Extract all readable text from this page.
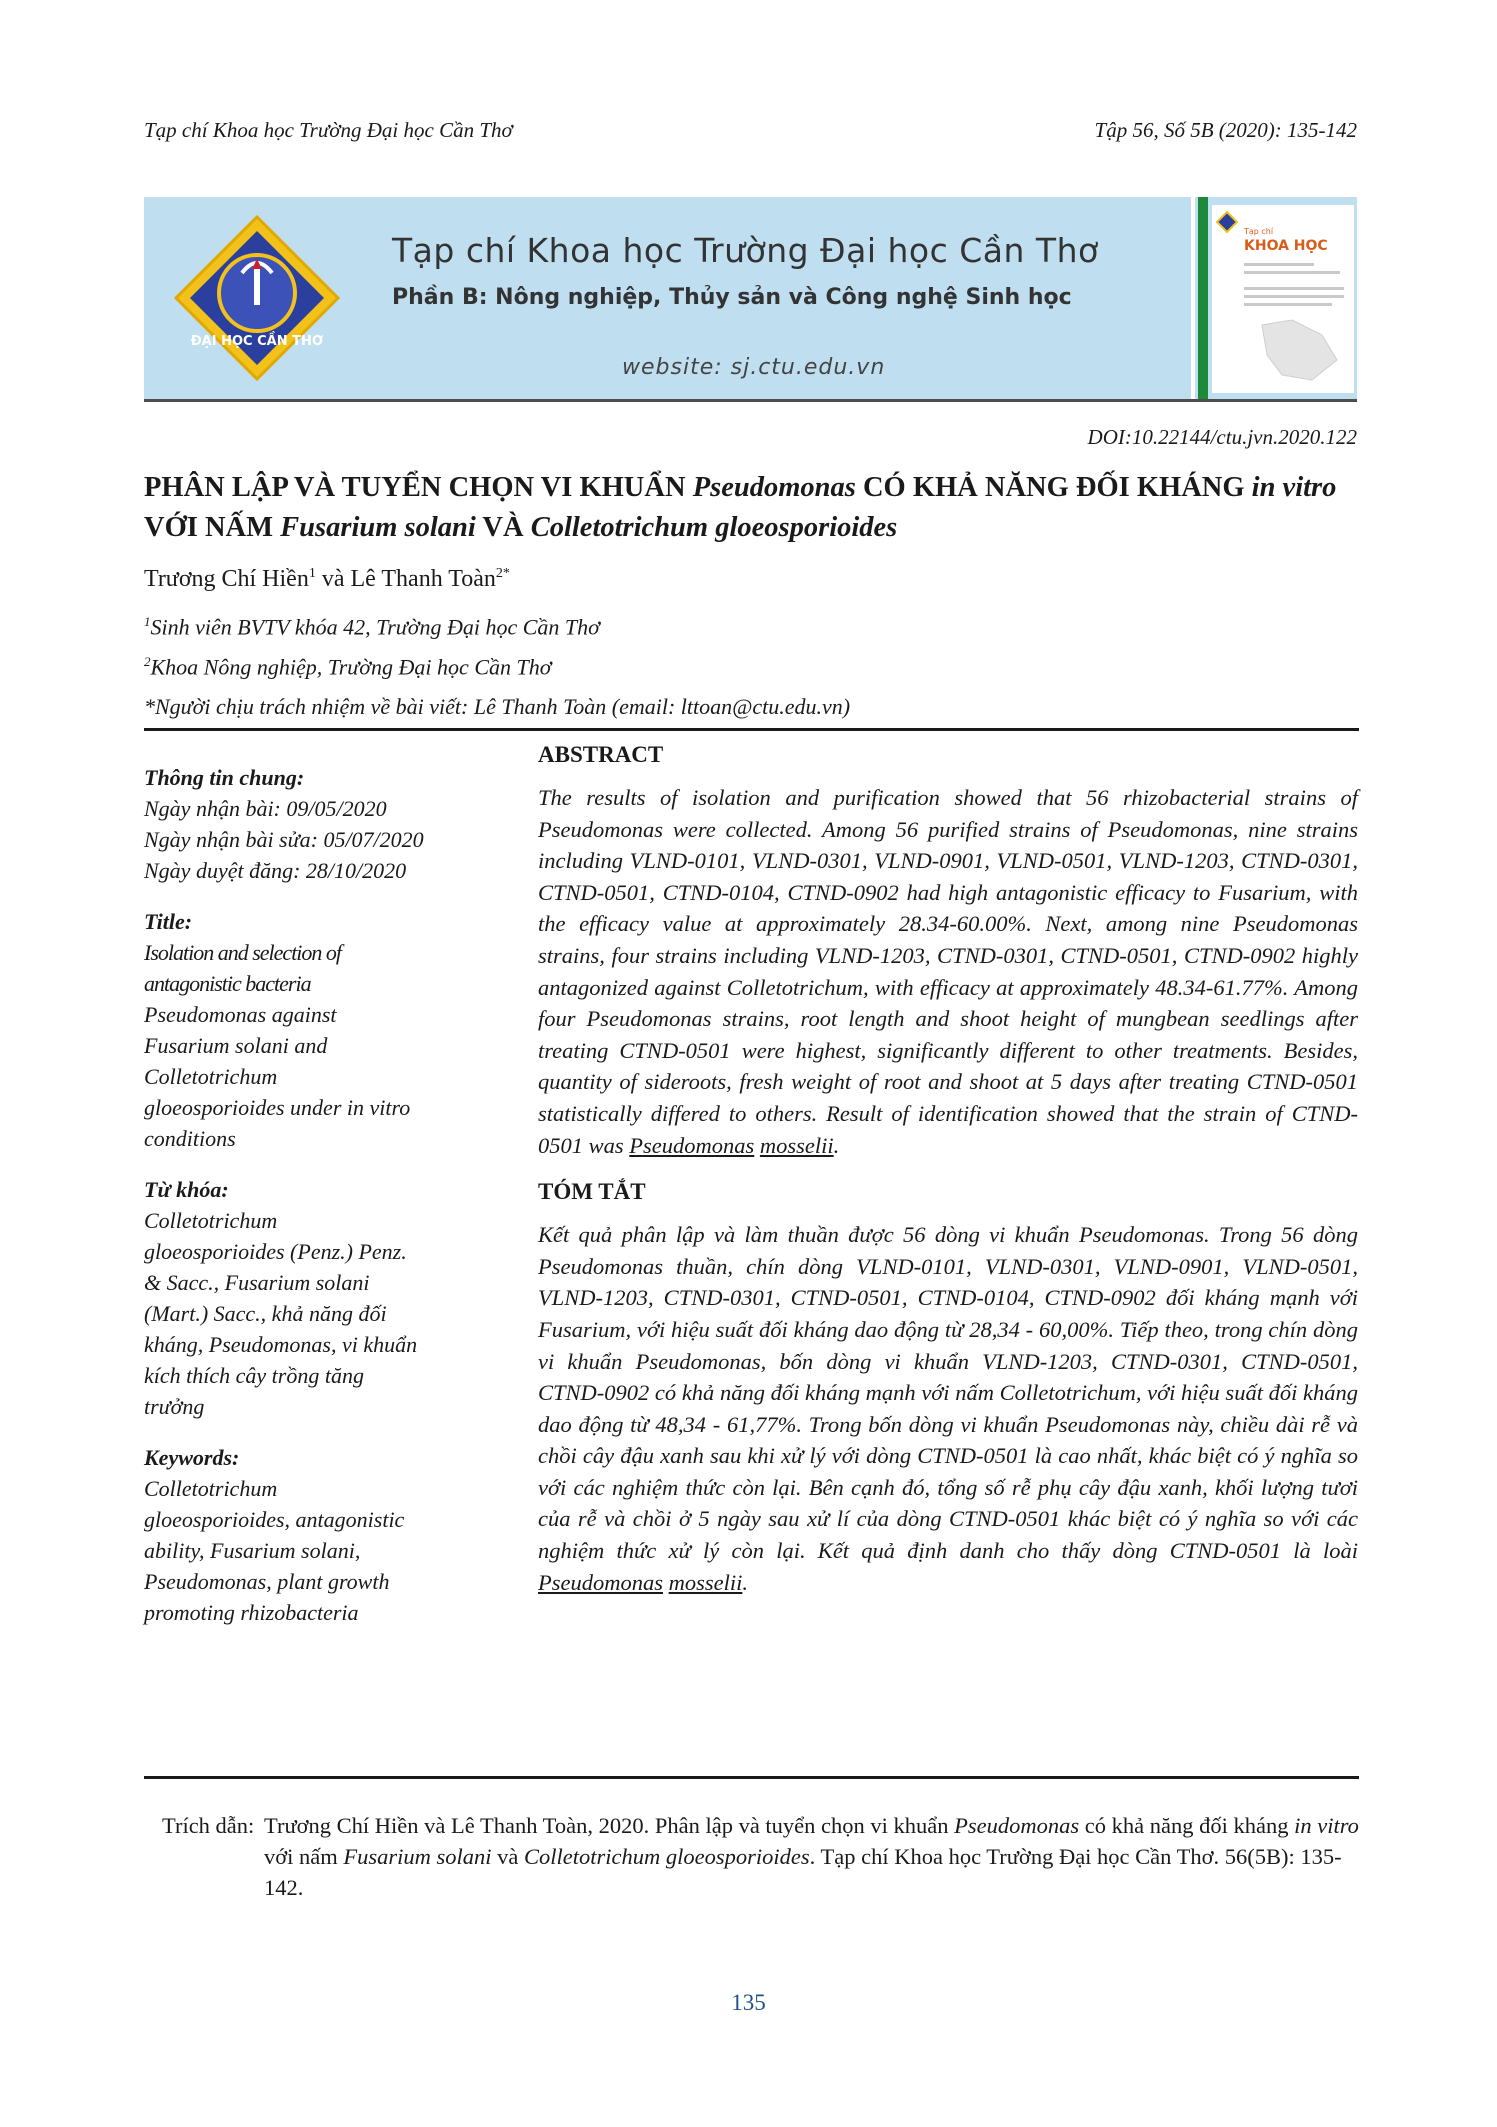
Tạp chí Khoa học Trường Đại học Cần Thơ	Tập 56, Số 5B (2020): 135-142
ĐẠI HỌC CẦN THƠ
Tạp chí Khoa học Trường Đại học Cần Thơ
Phần B: Nông nghiệp, Thủy sản và Công nghệ Sinh học
website: sj.ctu.edu.vn
Tạp chí
KHOA HỌC
DOI:10.22144/ctu.jvn.2020.122
PHÂN LẬP VÀ TUYỂN CHỌN VI KHUẨN Pseudomonas CÓ KHẢ NĂNG ĐỐI KHÁNG in vitro VỚI NẤM Fusarium solani VÀ Colletotrichum gloeosporioides
Trương Chí Hiền$^1$ và Lê Thanh Toàn$^{2*}$
$^1$Sinh viên BVTV khóa 42, Trường Đại học Cần Thơ
$^2$Khoa Nông nghiệp, Trường Đại học Cần Thơ
*Người chịu trách nhiệm về bài viết: Lê Thanh Toàn (email: lttoan@ctu.edu.vn)
Thông tin chung:
Ngày nhận bài: 09/05/2020
Ngày nhận bài sửa: 05/07/2020
Ngày duyệt đăng: 28/10/2020
Title:
Isolation and selection of
antagonistic bacteria
Pseudomonas against
Fusarium solani and
Colletotrichum
gloeosporioides under in vitro
conditions
Từ khóa:
Colletotrichum
gloeosporioides (Penz.) Penz.
& Sacc., Fusarium solani
(Mart.) Sacc., khả năng đối
kháng, Pseudomonas, vi khuẩn
kích thích cây trồng tăng
trưởng
Keywords:
Colletotrichum
gloeosporioides, antagonistic
ability, Fusarium solani,
Pseudomonas, plant growth
promoting rhizobacteria
ABSTRACT
The results of isolation and purification showed that 56 rhizobacterial strains of Pseudomonas were collected. Among 56 purified strains of Pseudomonas, nine strains including VLND-0101, VLND-0301, VLND-0901, VLND-0501, VLND-1203, CTND-0301, CTND-0501, CTND-0104, CTND-0902 had high antagonistic efficacy to Fusarium, with the efficacy value at approximately 28.34-60.00%. Next, among nine Pseudomonas strains, four strains including VLND-1203, CTND-0301, CTND-0501, CTND-0902 highly antagonized against Colletotrichum, with efficacy at approximately 48.34-61.77%. Among four Pseudomonas strains, root length and shoot height of mungbean seedlings after treating CTND-0501 were highest, significantly different to other treatments. Besides, quantity of sideroots, fresh weight of root and shoot at 5 days after treating CTND-0501 statistically differed to others. Result of identification showed that the strain of CTND-0501 was Pseudomonas mosselii.
TÓM TẮT
Kết quả phân lập và làm thuần được 56 dòng vi khuẩn Pseudomonas. Trong 56 dòng Pseudomonas thuần, chín dòng VLND-0101, VLND-0301, VLND-0901, VLND-0501, VLND-1203, CTND-0301, CTND-0501, CTND-0104, CTND-0902 đối kháng mạnh với Fusarium, với hiệu suất đối kháng dao động từ 28,34 - 60,00%. Tiếp theo, trong chín dòng vi khuẩn Pseudomonas, bốn dòng vi khuẩn VLND-1203, CTND-0301, CTND-0501, CTND-0902 có khả năng đối kháng mạnh với nấm Colletotrichum, với hiệu suất đối kháng dao động từ 48,34 - 61,77%. Trong bốn dòng vi khuẩn Pseudomonas này, chiều dài rễ và chồi cây đậu xanh sau khi xử lý với dòng CTND-0501 là cao nhất, khác biệt có ý nghĩa so với các nghiệm thức còn lại. Bên cạnh đó, tổng số rễ phụ cây đậu xanh, khối lượng tươi của rễ và chồi ở 5 ngày sau xử lí của dòng CTND-0501 khác biệt có ý nghĩa so với các nghiệm thức xử lý còn lại. Kết quả định danh cho thấy dòng CTND-0501 là loài Pseudomonas mosselii.
Trích dẫn: Trương Chí Hiền và Lê Thanh Toàn, 2020. Phân lập và tuyển chọn vi khuẩn Pseudomonas có khả năng đối kháng in vitro với nấm Fusarium solani và Colletotrichum gloeosporioides. Tạp chí Khoa học Trường Đại học Cần Thơ. 56(5B): 135-142.
135
